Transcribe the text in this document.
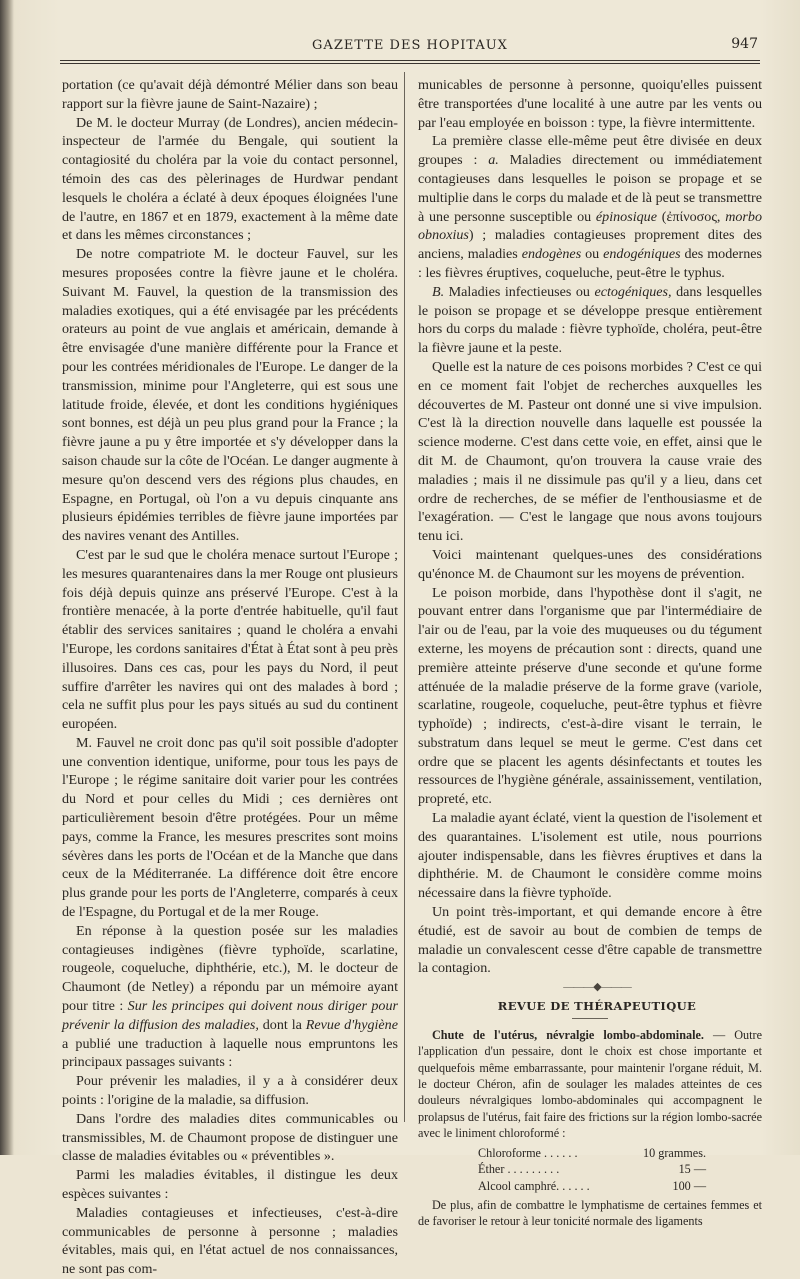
GAZETTE DES HOPITAUX	947

portation (ce qu'avait déjà démontré Mélier dans son beau rapport sur la fièvre jaune de Saint-Nazaire) ;

De M. le docteur Murray (de Londres), ancien médecin-inspecteur de l'armée du Bengale, qui soutient la contagiosité du choléra par la voie du contact personnel, témoin des cas des pèlerinages de Hurdwar pendant lesquels le choléra a éclaté à deux époques éloignées l'une de l'autre, en 1867 et en 1879, exactement à la même date et dans les mêmes circonstances ;

De notre compatriote M. le docteur Fauvel, sur les mesures proposées contre la fièvre jaune et le choléra. Suivant M. Fauvel, la question de la transmission des maladies exotiques, qui a été envisagée par les précédents orateurs au point de vue anglais et américain, demande à être envisagée d'une manière différente pour la France et pour les contrées méridionales de l'Europe. Le danger de la transmission, minime pour l'Angleterre, qui est sous une latitude froide, élevée, et dont les conditions hygiéniques sont bonnes, est déjà un peu plus grand pour la France ; la fièvre jaune a pu y être importée et s'y développer dans la saison chaude sur la côte de l'Océan. Le danger augmente à mesure qu'on descend vers des régions plus chaudes, en Espagne, en Portugal, où l'on a vu depuis cinquante ans plusieurs épidémies terribles de fièvre jaune importées par des navires venant des Antilles.

C'est par le sud que le choléra menace surtout l'Europe ; les mesures quarantenaires dans la mer Rouge ont plusieurs fois déjà depuis quinze ans préservé l'Europe. C'est à la frontière menacée, à la porte d'entrée habituelle, qu'il faut établir des services sanitaires ; quand le choléra a envahi l'Europe, les cordons sanitaires d'État à État sont à peu près illusoires. Dans ces cas, pour les pays du Nord, il peut suffire d'arrêter les navires qui ont des malades à bord ; cela ne suffit plus pour les pays situés au sud du continent européen.

M. Fauvel ne croit donc pas qu'il soit possible d'adopter une convention identique, uniforme, pour tous les pays de l'Europe ; le régime sanitaire doit varier pour les contrées du Nord et pour celles du Midi ; ces dernières ont particulièrement besoin d'être protégées. Pour un même pays, comme la France, les mesures prescrites sont moins sévères dans les ports de l'Océan et de la Manche que dans ceux de la Méditerranée. La différence doit être encore plus grande pour les ports de l'Angleterre, comparés à ceux de l'Espagne, du Portugal et de la mer Rouge.

En réponse à la question posée sur les maladies contagieuses indigènes (fièvre typhoïde, scarlatine, rougeole, coqueluche, diphthérie, etc.), M. le docteur de Chaumont (de Netley) a répondu par un mémoire ayant pour titre : Sur les principes qui doivent nous diriger pour prévenir la diffusion des maladies, dont la Revue d'hygiène a publié une traduction à laquelle nous empruntons les principaux passages suivants :

Pour prévenir les maladies, il y a à considérer deux points : l'origine de la maladie, sa diffusion.

Dans l'ordre des maladies dites communicables ou transmissibles, M. de Chaumont propose de distinguer une classe de maladies évitables ou « préventibles ».

Parmi les maladies évitables, il distingue les deux espèces suivantes :

Maladies contagieuses et infectieuses, c'est-à-dire communicables de personne à personne ; maladies évitables, mais qui, en l'état actuel de nos connaissances, ne sont pas com-

municables de personne à personne, quoiqu'elles puissent être transportées d'une localité à une autre par les vents ou par l'eau employée en boisson : type, la fièvre intermittente.

La première classe elle-même peut être divisée en deux groupes : a. Maladies directement ou immédiatement contagieuses dans lesquelles le poison se propage et se multiplie dans le corps du malade et de là peut se transmettre à une personne susceptible ou épinosique (ἐπίνοσος, morbo obnoxius) ; maladies contagieuses proprement dites des anciens, maladies endogènes ou endogéniques des modernes : les fièvres éruptives, coqueluche, peut-être le typhus.

B. Maladies infectieuses ou ectogéniques, dans lesquelles le poison se propage et se développe presque entièrement hors du corps du malade : fièvre typhoïde, choléra, peut-être la fièvre jaune et la peste.

Quelle est la nature de ces poisons morbides ? C'est ce qui en ce moment fait l'objet de recherches auxquelles les découvertes de M. Pasteur ont donné une si vive impulsion. C'est là la direction nouvelle dans laquelle est poussée la science moderne. C'est dans cette voie, en effet, ainsi que le dit M. de Chaumont, qu'on trouvera la cause vraie des maladies ; mais il ne dissimule pas qu'il y a lieu, dans cet ordre de recherches, de se méfier de l'enthousiasme et de l'exagération. — C'est le langage que nous avons toujours tenu ici.

Voici maintenant quelques-unes des considérations qu'énonce M. de Chaumont sur les moyens de prévention.

Le poison morbide, dans l'hypothèse dont il s'agit, ne pouvant entrer dans l'organisme que par l'intermédiaire de l'air ou de l'eau, par la voie des muqueuses ou du tégument externe, les moyens de précaution sont : directs, quand une première atteinte préserve d'une seconde et qu'une forme atténuée de la maladie préserve de la forme grave (variole, scarlatine, rougeole, coqueluche, peut-être typhus et fièvre typhoïde) ; indirects, c'est-à-dire visant le terrain, le substratum dans lequel se meut le germe. C'est dans cet ordre que se placent les agents désinfectants et toutes les ressources de l'hygiène générale, assainissement, ventilation, propreté, etc.

La maladie ayant éclaté, vient la question de l'isolement et des quarantaines. L'isolement est utile, nous pourrions ajouter indispensable, dans les fièvres éruptives et dans la diphthérie. M. de Chaumont le considère comme moins nécessaire dans la fièvre typhoïde.

Un point très-important, et qui demande encore à être étudié, est de savoir au bout de combien de temps de maladie un convalescent cesse d'être capable de transmettre la contagion.

———◆———

REVUE DE THÉRAPEUTIQUE

Chute de l'utérus, névralgie lombo-abdominale. — Outre l'application d'un pessaire, dont le choix est chose importante et quelquefois même embarrassante, pour maintenir l'organe réduit, M. le docteur Chéron, afin de soulager les malades atteintes de ces douleurs névralgiques lombo-abdominales qui accompagnent le prolapsus de l'utérus, fait faire des frictions sur la région lombo-sacrée avec le liniment chloroformé :

Chloroforme . . . . . .	10 grammes.
Éther . . . . . . . . .	15 —
Alcool camphré. . . . . .	100 —

De plus, afin de combattre le lymphatisme de certaines femmes et de favoriser le retour à leur tonicité normale des ligaments
